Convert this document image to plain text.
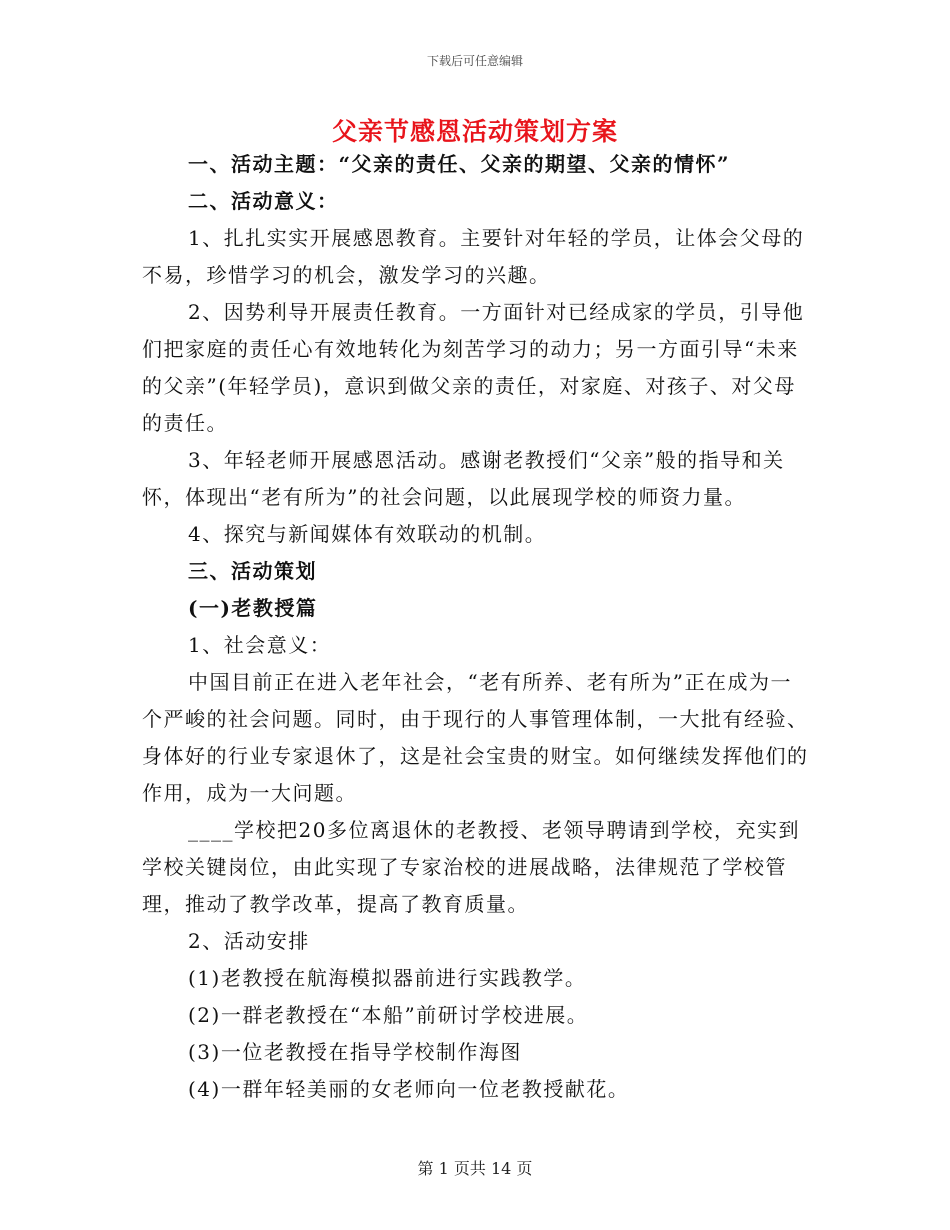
下载后可任意编辑
父亲节感恩活动策划方案

一、活动主题：“父亲的责任、父亲的期望、父亲的情怀”

二、活动意义：

1、扎扎实实开展感恩教育。主要针对年轻的学员，让体会父母的不易，珍惜学习的机会，激发学习的兴趣。

2、因势利导开展责任教育。一方面针对已经成家的学员，引导他们把家庭的责任心有效地转化为刻苦学习的动力；另一方面引导“未来的父亲”(年轻学员)，意识到做父亲的责任，对家庭、对孩子、对父母的责任。

3、年轻老师开展感恩活动。感谢老教授们“父亲”般的指导和关怀，体现出“老有所为”的社会问题，以此展现学校的师资力量。

4、探究与新闻媒体有效联动的机制。

三、活动策划

(一)老教授篇

1、社会意义：

中国目前正在进入老年社会，“老有所养、老有所为”正在成为一个严峻的社会问题。同时，由于现行的人事管理体制，一大批有经验、身体好的行业专家退休了，这是社会宝贵的财宝。如何继续发挥他们的作用，成为一大问题。

____学校把20多位离退休的老教授、老领导聘请到学校，充实到学校关键岗位，由此实现了专家治校的进展战略，法律规范了学校管理，推动了教学改革，提高了教育质量。

2、活动安排

(1)老教授在航海模拟器前进行实践教学。

(2)一群老教授在“本船”前研讨学校进展。

(3)一位老教授在指导学校制作海图

(4)一群年轻美丽的女老师向一位老教授献花。

第 1 页共 14 页
